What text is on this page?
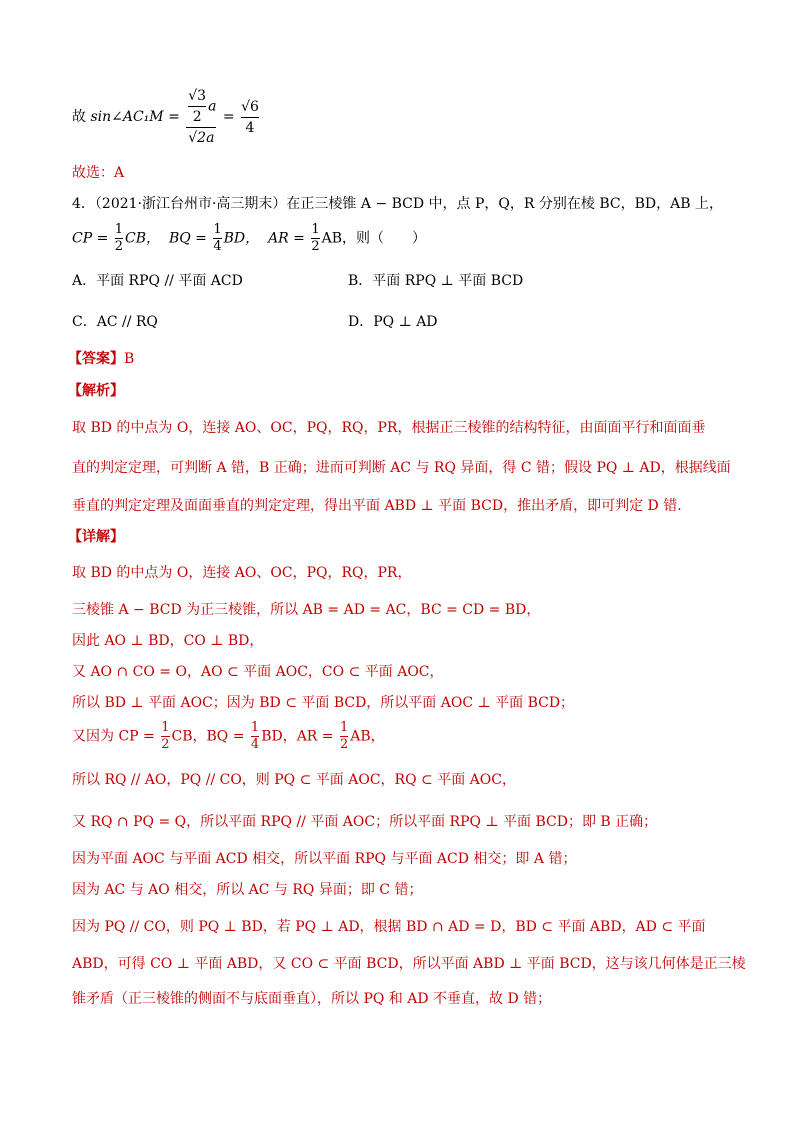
故 sin∠AC₁M = $\frac{\frac{√3}{2} a}{√2a} = \frac{√6}{4}$
故选：A
4．（2021·浙江台州市·高三期末）在正三棱锥 A − BCD 中，点 P，Q，R 分别在棱 BC，BD，AB 上，
CP = $\frac{1}{2}$ CB， BQ = $\frac{1}{4}$ BD， AR = $\frac{1}{2}$ AB，则（　　）
A．平面 RPQ // 平面 ACD	B．平面 RPQ ⊥ 平面 BCD
C．AC // RQ	D．PQ ⊥ AD
【答案】B
【解析】
取 BD 的中点为 O，连接 AO、OC，PQ，RQ，PR，根据正三棱锥的结构特征，由面面平行和面面垂
直的判定定理，可判断 A 错，B 正确；进而可判断 AC 与 RQ 异面，得 C 错；假设 PQ ⊥ AD，根据线面
垂直的判定定理及面面垂直的判定定理，得出平面 ABD ⊥ 平面 BCD，推出矛盾，即可判定 D 错.
【详解】
取 BD 的中点为 O，连接 AO、OC，PQ，RQ，PR，
三棱锥 A − BCD 为正三棱锥，所以 AB = AD = AC，BC = CD = BD，
因此 AO ⊥ BD，CO ⊥ BD，
又 AO ∩ CO = O，AO ⊂ 平面 AOC，CO ⊂ 平面 AOC，
所以 BD ⊥ 平面 AOC；因为 BD ⊂ 平面 BCD，所以平面 AOC ⊥ 平面 BCD；
又因为 CP = $\frac{1}{2}$ CB，BQ = $\frac{1}{4}$ BD，AR = $\frac{1}{2}$ AB，
所以 RQ // AO，PQ // CO，则 PQ ⊂ 平面 AOC，RQ ⊂ 平面 AOC，
又 RQ ∩ PQ = Q，所以平面 RPQ // 平面 AOC；所以平面 RPQ ⊥ 平面 BCD；即 B 正确；
因为平面 AOC 与平面 ACD 相交，所以平面 RPQ 与平面 ACD 相交；即 A 错；
因为 AC 与 AO 相交，所以 AC 与 RQ 异面；即 C 错；
因为 PQ // CO，则 PQ ⊥ BD，若 PQ ⊥ AD，根据 BD ∩ AD = D，BD ⊂ 平面 ABD，AD ⊂ 平面
ABD，可得 CO ⊥ 平面 ABD，又 CO ⊂ 平面 BCD，所以平面 ABD ⊥ 平面 BCD，这与该几何体是正三棱
锥矛盾（正三棱锥的侧面不与底面垂直），所以 PQ 和 AD 不垂直，故 D 错；
